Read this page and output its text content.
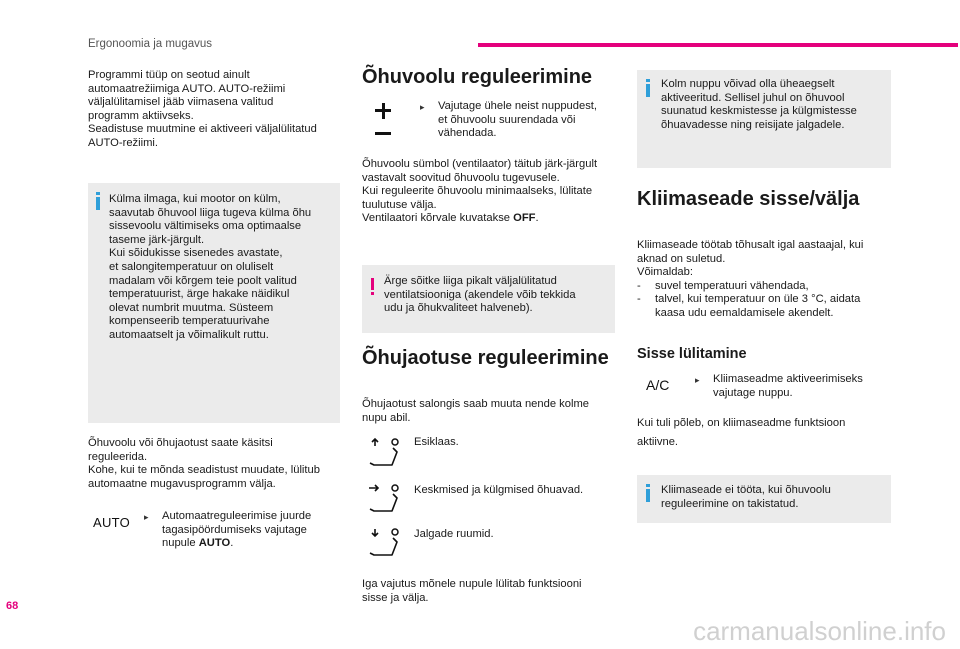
Ergonoomia ja mugavus
Programmi tüüp on seotud ainult
automaatrežiimiga AUTO. AUTO-režiimi
väljalülitamisel jääb viimasena valitud
programm aktiivseks.
Seadistuse muutmine ei aktiveeri väljalülitatud
AUTO-režiimi.
Külma ilmaga, kui mootor on külm,
saavutab õhuvool liiga tugeva külma õhu
sissevoolu vältimiseks oma optimaalse
taseme järk-järgult.
Kui sõidukisse sisenedes avastate,
et salongitemperatuur on oluliselt
madalam või kõrgem teie poolt valitud
temperatuurist, ärge hakake näidikul
olevat numbrit muutma. Süsteem
kompenseerib temperatuurivahe
automaatselt ja võimalikult ruttu.
Õhuvoolu või õhujaotust saate käsitsi
reguleerida.
Kohe, kui te mõnda seadistust muudate, lülitub
automaatne mugavusprogramm välja.
AUTO ▸ Automaatreguleerimise juurde
tagasipöördumiseks vajutage
nupule AUTO.
Õhuvoolu reguleerimine
▸ Vajutage ühele neist nuppudest,
et õhuvoolu suurendada või
vähendada.
Õhuvoolu sümbol (ventilaator) täitub järk-järgult
vastavalt soovitud õhuvoolu tugevusele.
Kui reguleerite õhuvoolu minimaalseks, lülitate
tuulutuse välja.
Ventilaatori kõrvale kuvatakse OFF.
Ärge sõitke liiga pikalt väljalülitatud
ventilatsiooniga (akendele võib tekkida
udu ja õhukvaliteet halveneb).
Õhujaotuse reguleerimine
Õhujaotust salongis saab muuta nende kolme
nupu abil.
Esiklaas.
Keskmised ja külgmised õhuavad.
Jalgade ruumid.
Iga vajutus mõnele nupule lülitab funktsiooni
sisse ja välja.
Kolm nuppu võivad olla üheaegselt
aktiveeritud. Sellisel juhul on õhuvool
suunatud keskmistesse ja külgmistesse
õhuavadesse ning reisijate jalgadele.
Kliimaseade sisse/välja
Kliimaseade töötab tõhusalt igal aastaajal, kui
aknad on suletud.
Võimaldab:
-	suvel temperatuuri vähendada,
-	talvel, kui temperatuur on üle 3 °C, aidata
kaasa udu eemaldamisele akendelt.
Sisse lülitamine
A/C	▸ Kliimaseadme aktiveerimiseks
vajutage nuppu.
Kui tuli põleb, on kliimaseadme funktsioon
aktiivne.
Kliimaseade ei tööta, kui õhuvoolu
reguleerimine on takistatud.
68
carmanualsonline.info
